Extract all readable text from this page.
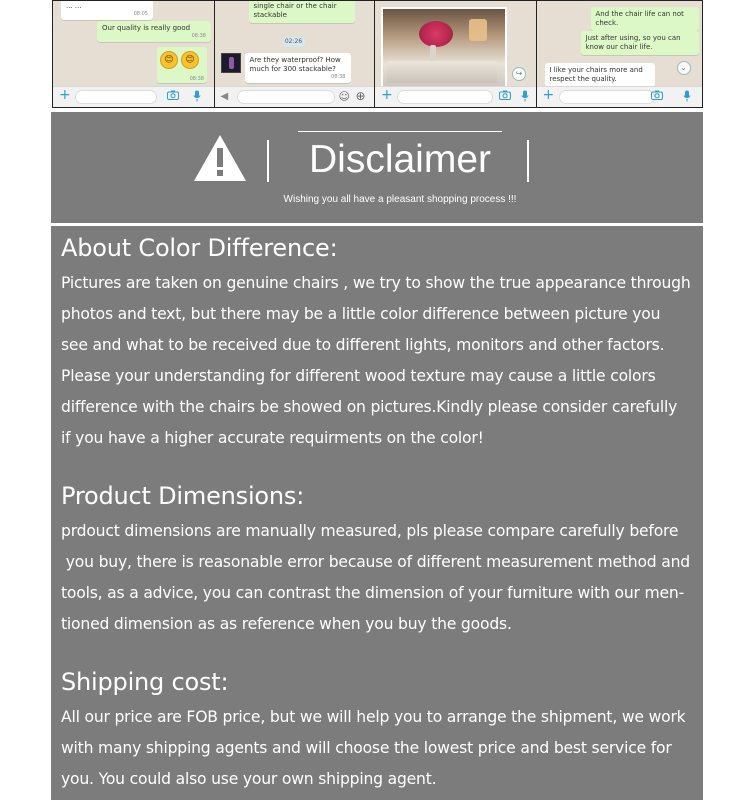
... ...
08:05
Our quality is really good
08:38
😊	😊
08:38
+
single chair or the chair stackable
02:26
Are they waterproof? How much for 300 stackable?
08:38
◀	☺ ⊕
↪
+
And the chair life can not check.
Just after using, so you can know our chair life.
I like your chairs more and respect the quality.
⌄
+
Disclaimer
Wishing you all have a pleasant shopping process !!!
About Color Difference:

Pictures are taken on genuine chairs , we try to show the true appearance through

photos and text, but there may be a little color difference between picture you

see and what to be received due to different lights, monitors and other factors.

Please your understanding for different wood texture may cause a little colors

difference with the chairs be showed on pictures.Kindly please consider carefully

if you have a higher accurate requirments on the color!

Product Dimensions:

prdouct dimensions are manually measured, pls please compare carefully before

you buy, there is reasonable error because of different measurement method and

tools, as a advice, you can contrast the dimension of your furniture with our men-

tioned dimension as as reference when you buy the goods.

Shipping cost:

All our price are FOB price, but we will help you to arrange the shipment, we work

with many shipping agents and will choose the lowest price and best service for

you. You could also use your own shipping agent.
